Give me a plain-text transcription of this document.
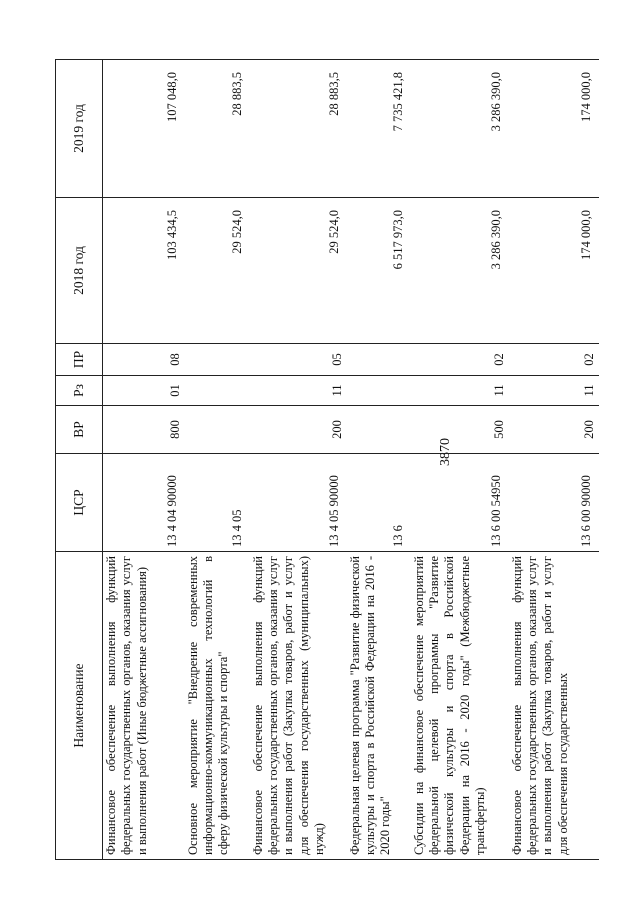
3870
Наименование	ЦСР	ВР	Рз	ПР	2018 год	2019 год
Финансовое обеспечение выполнения функций федеральных государственных органов, оказания услуг и выполнения работ (Иные бюджетные ассигнования)	13 4 04 90000	800	01	08	103 434,5	107 048,0
Основное мероприятие "Внедрение современных информационно-коммуникационных технологий в сферу физической культуры и спорта"	13 4 05				29 524,0	28 883,5
Финансовое обеспечение выполнения функций федеральных государственных органов, оказания услуг и выполнения работ (Закупка товаров, работ и услуг для обеспечения государственных (муниципальных) нужд)	13 4 05 90000	200	11	05	29 524,0	28 883,5
Федеральная целевая программа "Развитие физической культуры и спорта в Российской Федерации на 2016 - 2020 годы"	13 6				6 517 973,0	7 735 421,8
Субсидии на финансовое обеспечение мероприятий федеральной целевой программы "Развитие физической культуры и спорта в Российской Федерации на 2016 - 2020 годы" (Межбюджетные трансферты)	13 6 00 54950	500	11	02	3 286 390,0	3 286 390,0
Финансовое обеспечение выполнения функций федеральных государственных органов, оказания услуг и выполнения работ (Закупка товаров, работ и услуг для обеспечения государственных	13 6 00 90000	200	11	02	174 000,0	174 000,0
